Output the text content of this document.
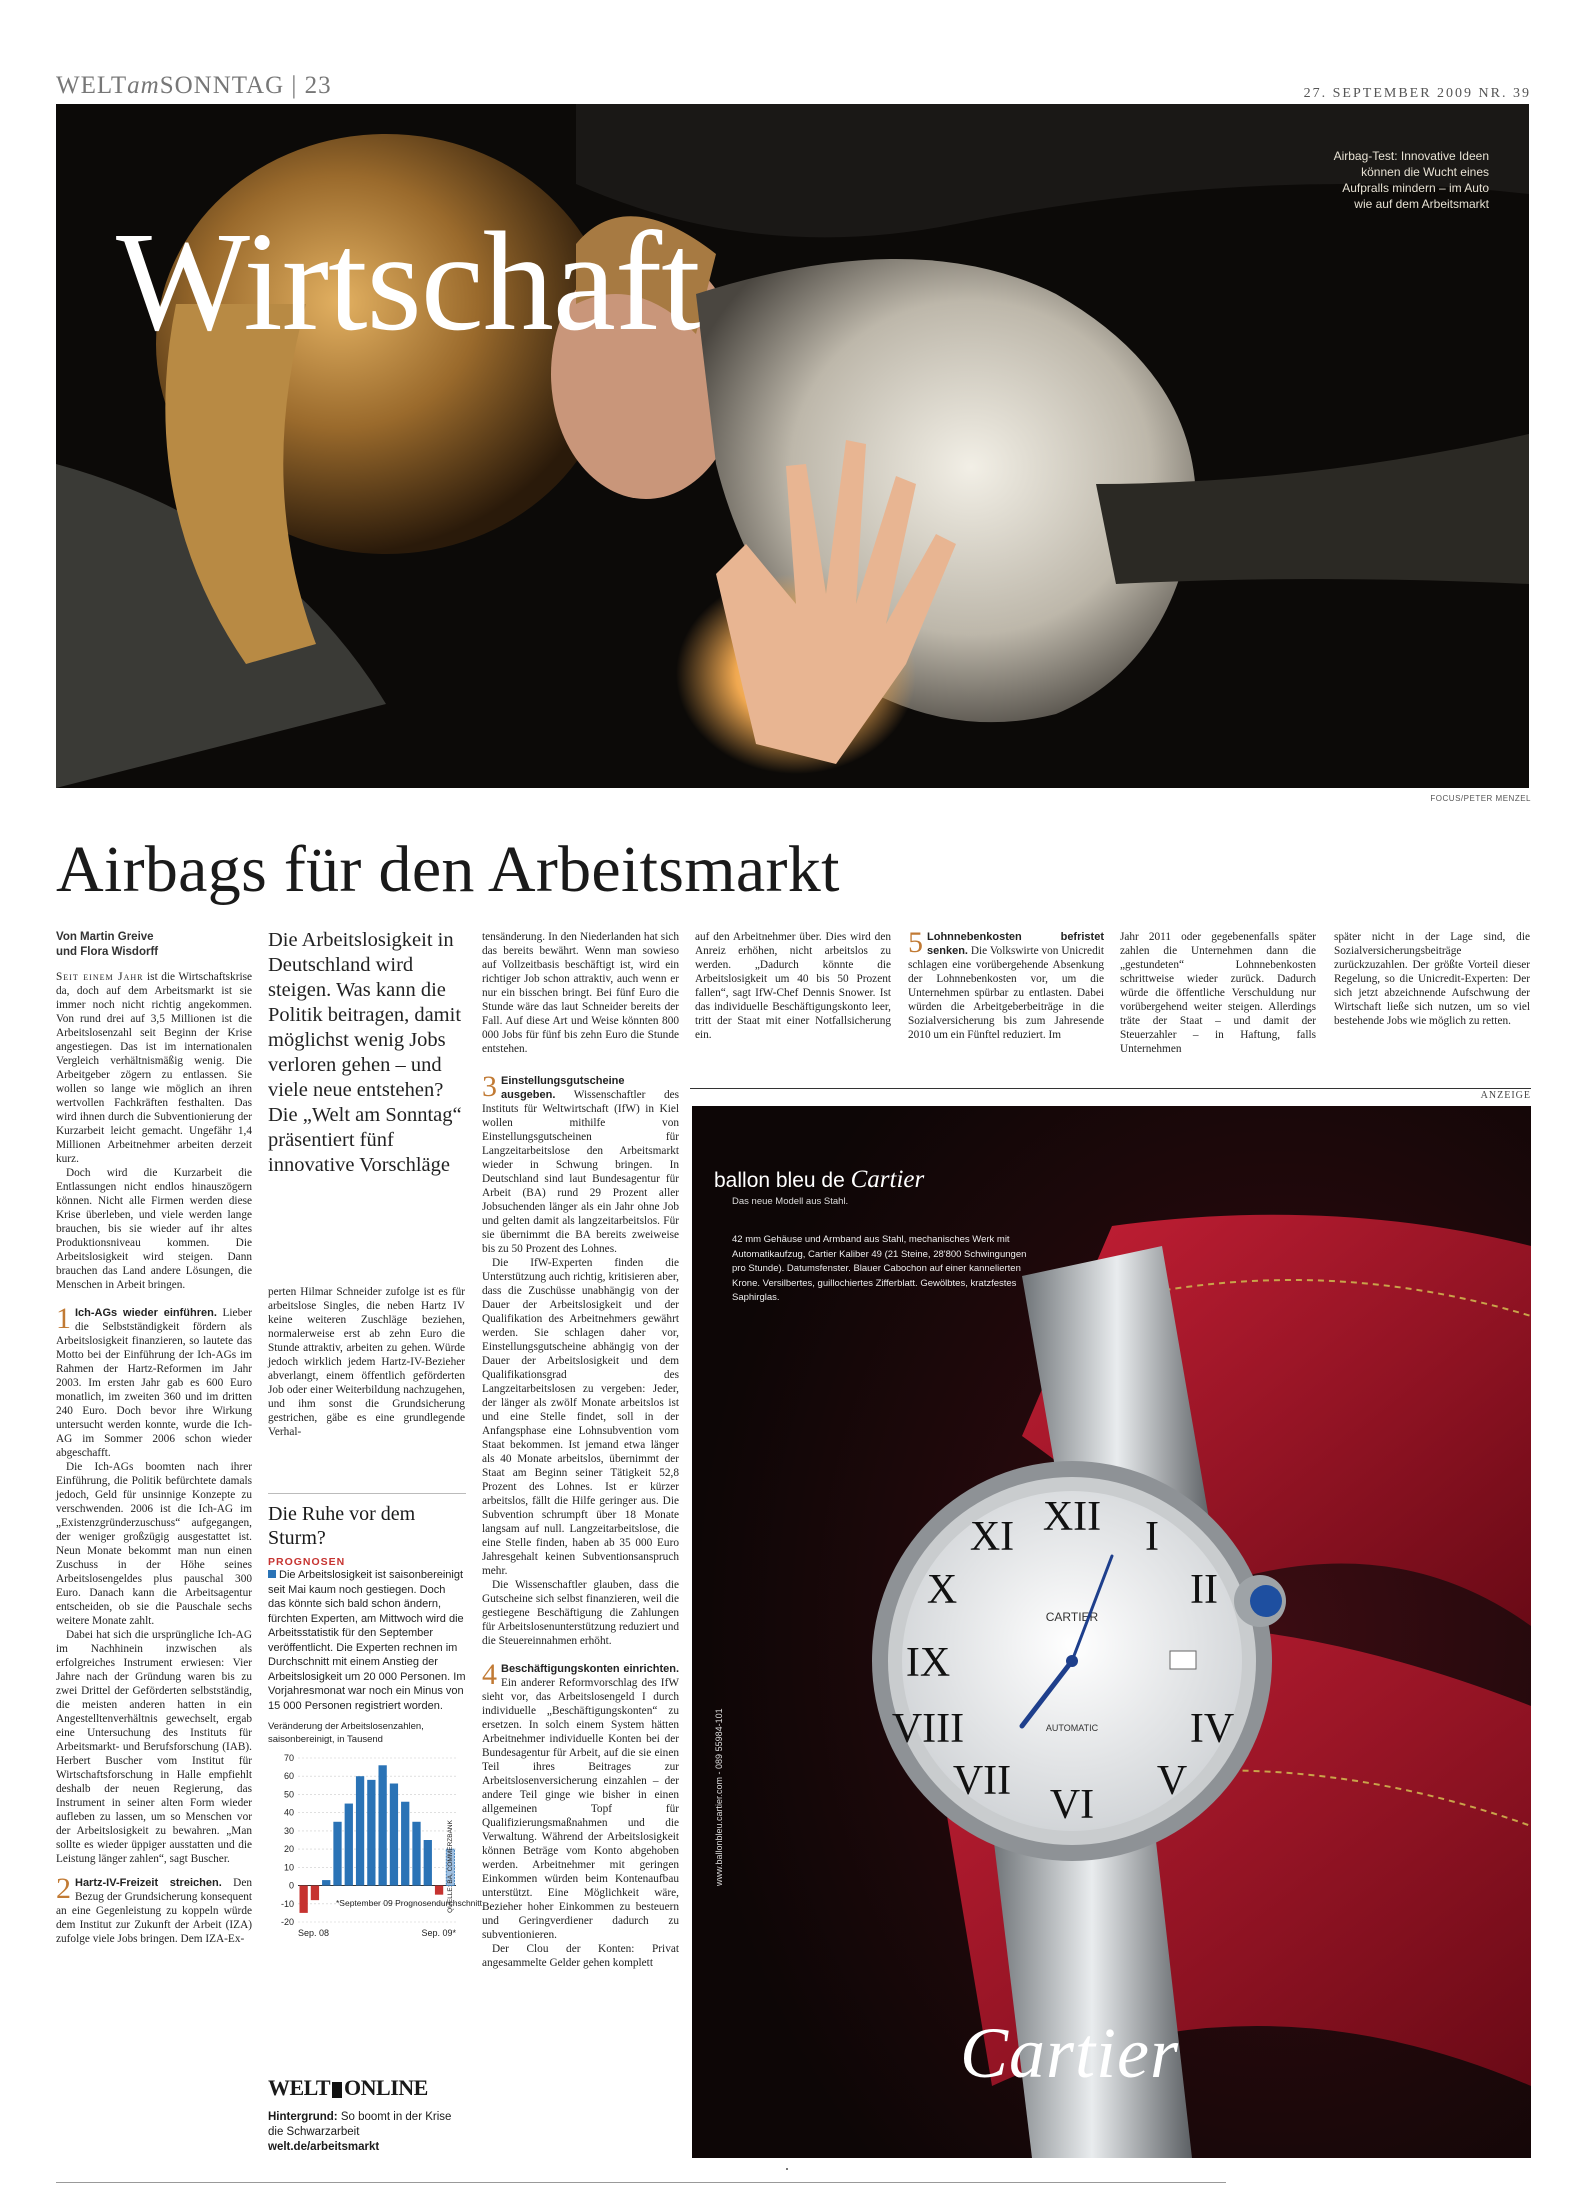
WELTamSONNTAG | 23	27. SEPTEMBER 2009 NR. 39
Wirtschaft
Airbag-Test: Innovative Ideen können die Wucht eines Aufpralls mindern – im Auto wie auf dem Arbeitsmarkt
FOCUS/PETER MENZEL
Airbags für den Arbeitsmarkt
Von Martin Greive
und Flora Wisdorff

Seit einem Jahr ist die Wirtschaftskrise da, doch auf dem Arbeitsmarkt ist sie immer noch nicht richtig angekommen. Von rund drei auf 3,5 Millionen ist die Arbeitslosenzahl seit Beginn der Krise angestiegen. Das ist im internationalen Vergleich verhältnismäßig wenig. Die Arbeitgeber zögern zu entlassen. Sie wollen so lange wie möglich an ihren wertvollen Fachkräften festhalten. Das wird ihnen durch die Subventionierung der Kurzarbeit leicht gemacht. Ungefähr 1,4 Millionen Arbeitnehmer arbeiten derzeit kurz.

Doch wird die Kurzarbeit die Entlassungen nicht endlos hinauszögern können. Nicht alle Firmen werden diese Krise überleben, und viele werden lange brauchen, bis sie wieder auf ihr altes Produktionsniveau kommen. Die Arbeitslosigkeit wird steigen. Dann brauchen das Land andere Lösungen, die Menschen in Arbeit bringen.

1 Ich-AGs wieder einführen. Lieber die Selbstständigkeit fördern als Arbeitslosigkeit finanzieren, so lautete das Motto bei der Einführung der Ich-AGs im Rahmen der Hartz-Reformen im Jahr 2003. Im ersten Jahr gab es 600 Euro monatlich, im zweiten 360 und im dritten 240 Euro. Doch bevor ihre Wirkung untersucht werden konnte, wurde die Ich-AG im Sommer 2006 schon wieder abgeschafft.

Die Ich-AGs boomten nach ihrer Einführung, die Politik befürchtete damals jedoch, Geld für unsinnige Konzepte zu verschwenden. 2006 ist die Ich-AG im „Existenzgründerzuschuss“ aufgegangen, der weniger großzügig ausgestattet ist. Neun Monate bekommt man nun einen Zuschuss in der Höhe seines Arbeitslosengeldes plus pauschal 300 Euro. Danach kann die Arbeitsagentur entscheiden, ob sie die Pauschale sechs weitere Monate zahlt.

Dabei hat sich die ursprüngliche Ich-AG im Nachhinein inzwischen als erfolgreiches Instrument erwiesen: Vier Jahre nach der Gründung waren bis zu zwei Drittel der Geförderten selbstständig, die meisten anderen hatten in ein Angestelltenverhältnis gewechselt, ergab eine Untersuchung des Instituts für Arbeitsmarkt- und Berufsforschung (IAB). Herbert Buscher vom Institut für Wirtschaftsforschung in Halle empfiehlt deshalb der neuen Regierung, das Instrument in seiner alten Form wieder aufleben zu lassen, um so Menschen vor der Arbeitslosigkeit zu bewahren. „Man sollte es wieder üppiger ausstatten und die Leistung länger zahlen“, sagt Buscher.

2 Hartz-IV-Freizeit streichen. Den Bezug der Grundsicherung konsequent an eine Gegenleistung zu koppeln würde dem Institut zur Zukunft der Arbeit (IZA) zufolge viele Jobs bringen. Dem IZA-Ex-

Die Arbeitslosigkeit in Deutschland wird steigen. Was kann die Politik beitragen, damit möglichst wenig Jobs verloren gehen – und viele neue entstehen? Die „Welt am Sonntag“ präsentiert fünf innovative Vorschläge

perten Hilmar Schneider zufolge ist es für arbeitslose Singles, die neben Hartz IV keine weiteren Zuschläge beziehen, normalerweise erst ab zehn Euro die Stunde attraktiv, arbeiten zu gehen. Würde jedoch wirklich jedem Hartz-IV-Bezieher abverlangt, einem öffentlich geförderten Job oder einer Weiterbildung nachzugehen, und ihm sonst die Grundsicherung gestrichen, gäbe es eine grundlegende Verhal-

Die Ruhe vor dem Sturm?
PROGNOSEN
Die Arbeitslosigkeit ist saisonbereinigt seit Mai kaum noch gestiegen. Doch das könnte sich bald schon ändern, fürchten Experten, am Mittwoch wird die Arbeitsstatistik für den September veröffentlicht. Die Experten rechnen im Durchschnitt mit einem Anstieg der Arbeitslosigkeit um 20 000 Personen. Im Vorjahresmonat war noch ein Minus von 15 000 Personen registriert worden.
Veränderung der Arbeitslosenzahlen, saisonbereinigt, in Tausend
70
60
50
40
30
20
10
0
-10
-20
*September 09 Prognosendurchschnitt
Sep. 08	Sep. 09*
QUELLE: BA, COMMERZBANK
WELT ONLINE
Hintergrund: So boomt in der Krise die Schwarzarbeit
welt.de/arbeitsmarkt

tensänderung. In den Niederlanden hat sich das bereits bewährt. Wenn man sowieso auf Vollzeitbasis beschäftigt ist, wird ein richtiger Job schon attraktiv, auch wenn er nur ein bisschen bringt. Bei fünf Euro die Stunde wäre das laut Schneider bereits der Fall. Auf diese Art und Weise könnten 800 000 Jobs für fünf bis zehn Euro die Stunde entstehen.

3 Einstellungsgutscheine ausgeben. Wissenschaftler des Instituts für Weltwirtschaft (IfW) in Kiel wollen mithilfe von Einstellungsgutscheinen für Langzeitarbeitslose den Arbeitsmarkt wieder in Schwung bringen. In Deutschland sind laut Bundesagentur für Arbeit (BA) rund 29 Prozent aller Jobsuchenden länger als ein Jahr ohne Job und gelten damit als langzeitarbeitslos. Für sie übernimmt die BA bereits zweiweise bis zu 50 Prozent des Lohnes.

Die IfW-Experten finden die Unterstützung auch richtig, kritisieren aber, dass die Zuschüsse unabhängig von der Dauer der Arbeitslosigkeit und der Qualifikation des Arbeitnehmers gewährt werden. Sie schlagen daher vor, Einstellungsgutscheine abhängig von der Dauer der Arbeitslosigkeit und dem Qualifikationsgrad des Langzeitarbeitslosen zu vergeben: Jeder, der länger als zwölf Monate arbeitslos ist und eine Stelle findet, soll in der Anfangsphase eine Lohnsubvention vom Staat bekommen. Ist jemand etwa länger als 40 Monate arbeitslos, übernimmt der Staat am Beginn seiner Tätigkeit 52,8 Prozent des Lohnes. Ist er kürzer arbeitslos, fällt die Hilfe geringer aus. Die Subvention schrumpft über 18 Monate langsam auf null. Langzeitarbeitslose, die eine Stelle finden, haben ab 35 000 Euro Jahresgehalt keinen Subventionsanspruch mehr.

Die Wissenschaftler glauben, dass die Gutscheine sich selbst finanzieren, weil die gestiegene Beschäftigung die Zahlungen für Arbeitslosenunterstützung reduziert und die Steuereinnahmen erhöht.

4 Beschäftigungskonten einrichten. Ein anderer Reformvorschlag des IfW sieht vor, das Arbeitslosengeld I durch individuelle „Beschäftigungskonten“ zu ersetzen. In solch einem System hätten Arbeitnehmer individuelle Konten bei der Bundesagentur für Arbeit, auf die sie einen Teil ihres Beitrages zur Arbeitslosenversicherung einzahlen – der andere Teil ginge wie bisher in einen allgemeinen Topf für Qualifizierungsmaßnahmen und die Verwaltung. Während der Arbeitslosigkeit können Beträge vom Konto abgehoben werden. Arbeitnehmer mit geringen Einkommen würden beim Kontenaufbau unterstützt. Eine Möglichkeit wäre, Bezieher hoher Einkommen zu besteuern und Geringverdiener dadurch zu subventionieren.

Der Clou der Konten: Privat angesammelte Gelder gehen komplett

auf den Arbeitnehmer über. Dies wird den Anreiz erhöhen, nicht arbeitslos zu werden. „Dadurch könnte die Arbeitslosigkeit um 40 bis 50 Prozent fallen“, sagt IfW-Chef Dennis Snower. Ist das individuelle Beschäftigungskonto leer, tritt der Staat mit einer Notfallsicherung ein.

5 Lohnnebenkosten befristet senken. Die Volkswirte von Unicredit schlagen eine vorübergehende Absenkung der Lohnnebenkosten vor, um die Unternehmen spürbar zu entlasten. Dabei würden die Arbeitgeberbeiträge in die Sozialversicherung bis zum Jahresende 2010 um ein Fünftel reduziert. Im

Jahr 2011 oder gegebenenfalls später zahlen die Unternehmen dann die „gestundeten“ Lohnnebenkosten schrittweise wieder zurück. Dadurch würde die öffentliche Verschuldung nur vorübergehend weiter steigen. Allerdings träte der Staat – und damit der Steuerzahler – in Haftung, falls Unternehmen

später nicht in der Lage sind, die Sozialversicherungsbeiträge zurückzuzahlen. Der größte Vorteil dieser Regelung, so die Unicredit-Experten: Der sich jetzt abzeichnende Aufschwung der Wirtschaft ließe sich nutzen, um so viel bestehende Jobs wie möglich zu retten.

ANZEIGE
XII I
II
V
VI
VII
VIII
IX
X
XI
IV
CARTIER
AUTOMATIC
ballon bleu de Cartier
Das neue Modell aus Stahl.
42 mm Gehäuse und Armband aus Stahl, mechanisches Werk mit Automatikaufzug, Cartier Kaliber 49 (21 Steine, 28'800 Schwingungen pro Stunde). Datumsfenster. Blauer Cabochon auf einer kannelierten Krone. Versilbertes, guillochiertes Zifferblatt. Gewölbtes, kratzfestes Saphirglas.
www.ballonbleu.cartier.com - 089 55984-101
Cartier
